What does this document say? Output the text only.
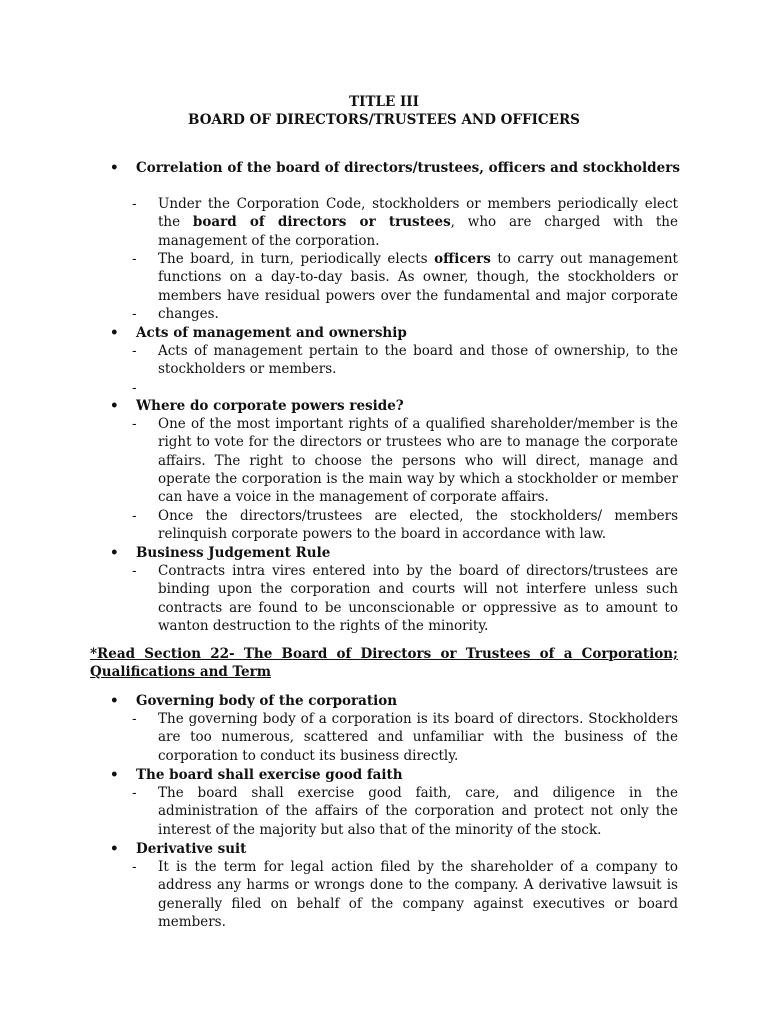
TITLE III
BOARD OF DIRECTORS/TRUSTEES AND OFFICERS
• Correlation of the board of directors/trustees, officers and stockholders
- Under the Corporation Code, stockholders or members periodically elect the board of directors or trustees, who are charged with the management of the corporation.
- The board, in turn, periodically elects officers to carry out management functions on a day-to-day basis. As owner, though, the stockholders or members have residual powers over the fundamental and major corporate changes.
-
• Acts of management and ownership
- Acts of management pertain to the board and those of ownership, to the stockholders or members.
-
• Where do corporate powers reside?
- One of the most important rights of a qualified shareholder/member is the right to vote for the directors or trustees who are to manage the corporate affairs. The right to choose the persons who will direct, manage and operate the corporation is the main way by which a stockholder or member can have a voice in the management of corporate affairs.
- Once the directors/trustees are elected, the stockholders/ members relinquish corporate powers to the board in accordance with law.
• Business Judgement Rule
- Contracts intra vires entered into by the board of directors/trustees are binding upon the corporation and courts will not interfere unless such contracts are found to be unconscionable or oppressive as to amount to wanton destruction to the rights of the minority.
*Read Section 22- The Board of Directors or Trustees of a Corporation; Qualifications and Term
• Governing body of the corporation
- The governing body of a corporation is its board of directors. Stockholders are too numerous, scattered and unfamiliar with the business of the corporation to conduct its business directly.
• The board shall exercise good faith
- The board shall exercise good faith, care, and diligence in the administration of the affairs of the corporation and protect not only the interest of the majority but also that of the minority of the stock.
• Derivative suit
- It is the term for legal action filed by the shareholder of a company to address any harms or wrongs done to the company. A derivative lawsuit is generally filed on behalf of the company against executives or board members.
